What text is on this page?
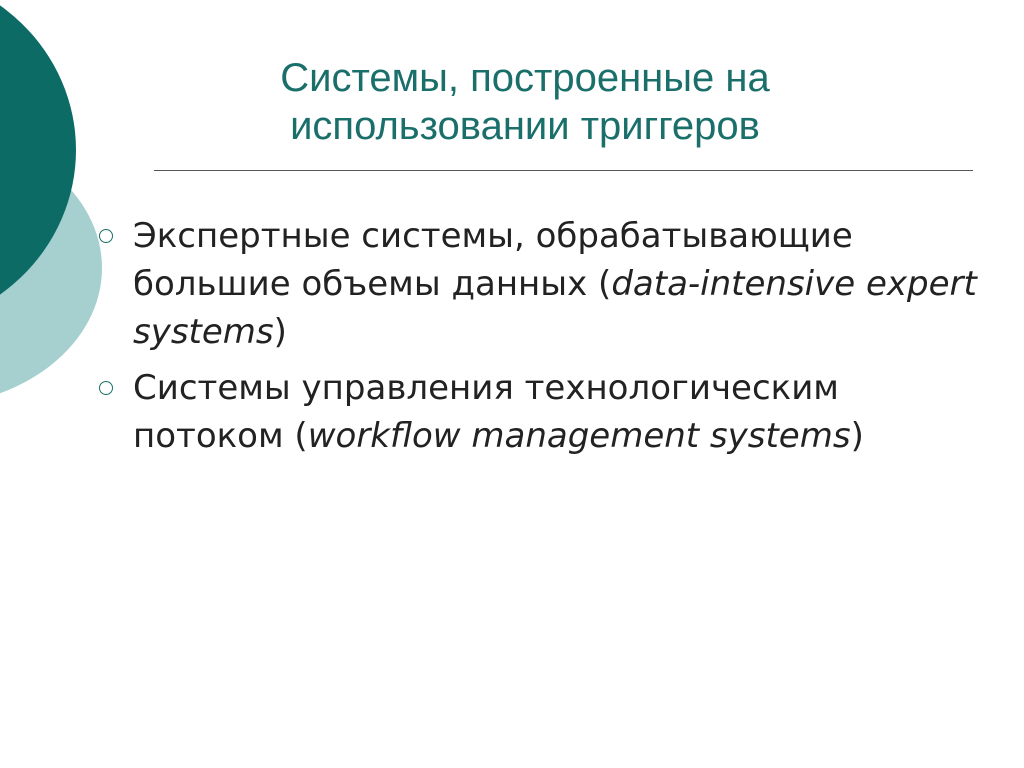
Системы, построенные на
использовании триггеров
Экспертные системы, обрабатывающие большие объемы данных (data-intensive expert systems)
Системы управления технологическим потоком (workflow management systems)
